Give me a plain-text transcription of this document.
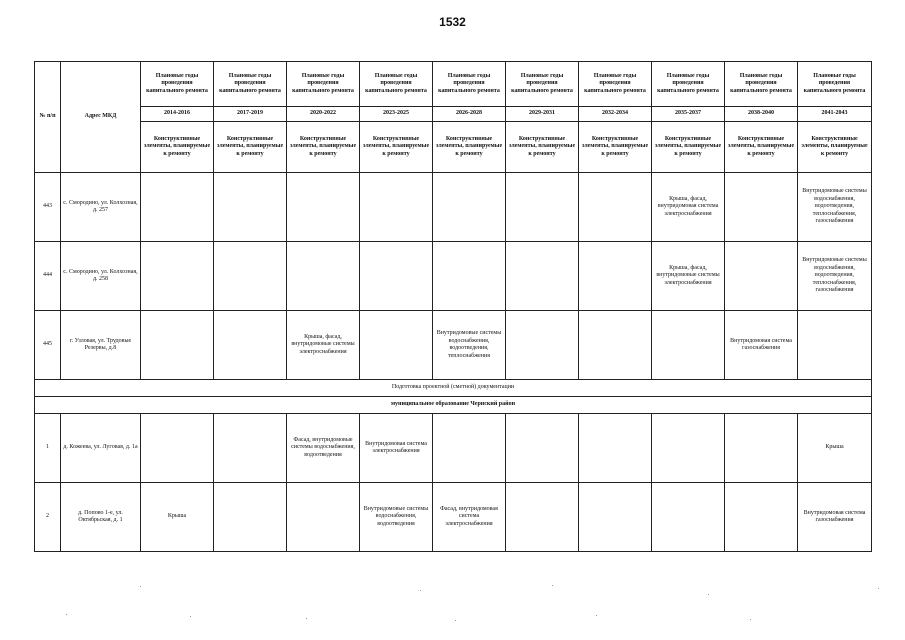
1532
№ п/п	Адрес МКД	Плановые годы проведения капитального ремонта	Плановые годы проведения капитального ремонта	Плановые годы проведения капитального ремонта	Плановые годы проведения капитального ремонта	Плановые годы проведения капитального ремонта	Плановые годы проведения капитального ремонта	Плановые годы проведения капитального ремонта	Плановые годы проведения капитального ремонта	Плановые годы проведения капитального ремонта	Плановые годы проведения капитального ремонта
		2014-2016	2017-2019	2020-2022	2023-2025	2026-2028	2029-2031	2032-2034	2035-2037	2038-2040	2041-2043
		Конструктивные элементы, планируемые к ремонту	Конструктивные элементы, планируемые к ремонту	Конструктивные элементы, планируемые к ремонту	Конструктивные элементы, планируемые к ремонту	Конструктивные элементы, планируемые к ремонту	Конструктивные элементы, планируемые к ремонту	Конструктивные элементы, планируемые к ремонту	Конструктивные элементы, планируемые к ремонту	Конструктивные элементы, планируемые к ремонту	Конструктивные элементы, планируемые к ремонту
443	с. Смородино, ул. Колхозная, д. 257								Крыша, фасад, внутридомовая система электроснабжения		Внутридомовые системы водоснабжения, водоотведения, теплоснабжения, газоснабжения
444	с. Смородино, ул. Колхозная, д. 258								Крыша, фасад, внутридомовые системы электроснабжения		Внутридомовые системы водоснабжения, водоотведения, теплоснабжения, газоснабжения
445	г. Узловая, ул. Трудовые Резервы, д.8			Крыша, фасад, внутридомовые системы электроснабжения		Внутридомовые системы водоснабжения, водоотведения, теплоснабжения				Внутридомовая система газоснабжения	
Подготовка проектной (сметной) документации											
муниципальное образование Чернский район											
1	д. Кожеева, ул. Луговая, д. 1а			Фасад, внутридомовые системы водоснабжения, водоотведения	Внутридомовая система электроснабжения						Крыша
2	д. Попово 1-е, ул. Октябрьская, д. 1	Крыша			Внутридомовые системы водоснабжения, водоотведения	Фасад, внутридомовая система электроснабжения					Внутридомовая система газоснабжения
